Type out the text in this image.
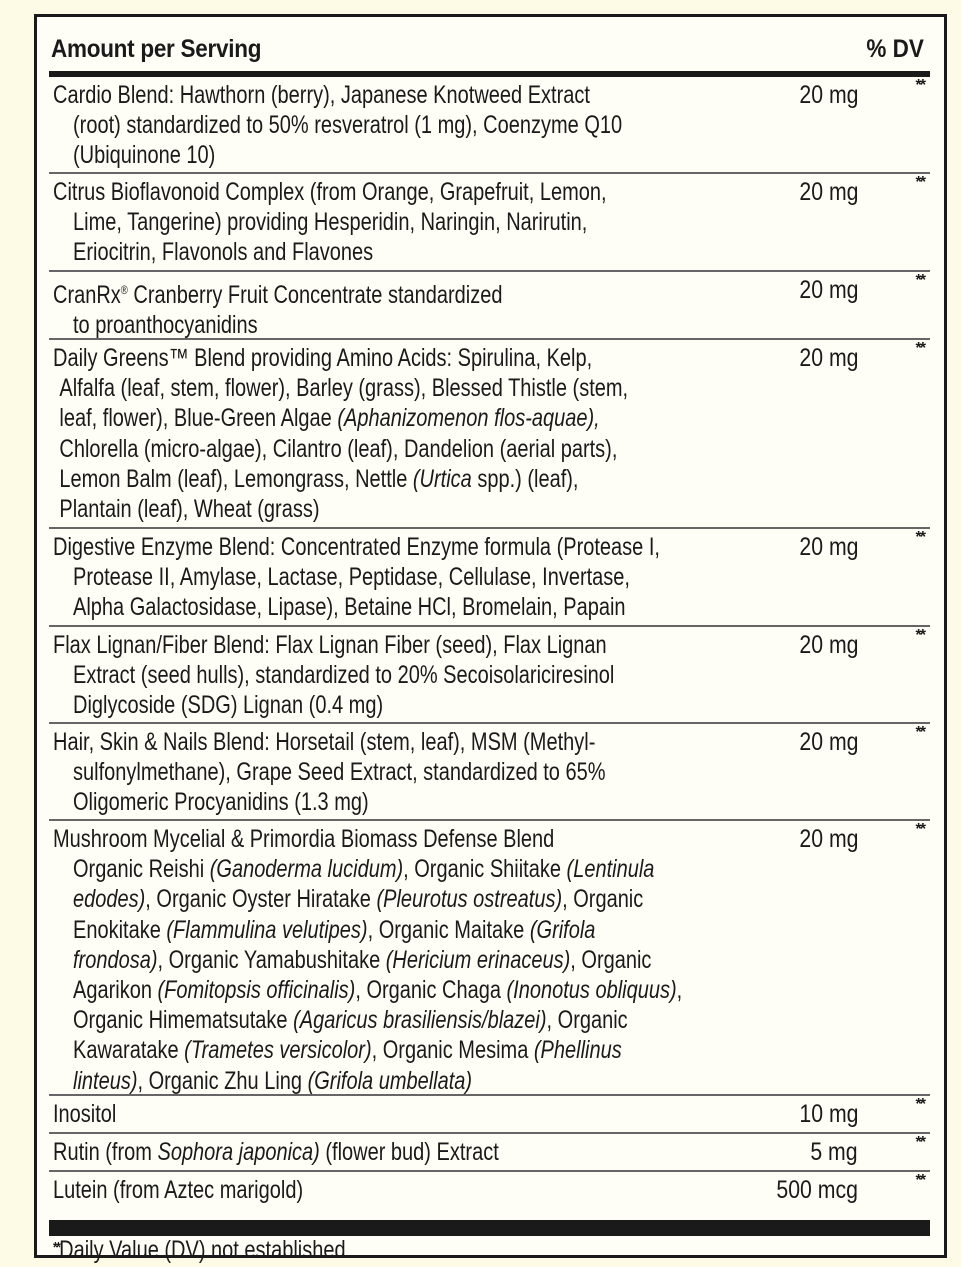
Amount per Serving	% DV
Cardio Blend: Hawthorn (berry), Japanese Knotweed Extract
(root) standardized to 50% resveratrol (1 mg), Coenzyme Q10
(Ubiquinone 10)
20 mg	**
Citrus Bioflavonoid Complex (from Orange, Grapefruit, Lemon,
Lime, Tangerine) providing Hesperidin, Naringin, Narirutin,
Eriocitrin, Flavonols and Flavones
20 mg	**
CranRx® Cranberry Fruit Concentrate standardized
to proanthocyanidins
20 mg	**
Daily Greens™ Blend providing Amino Acids: Spirulina, Kelp,
Alfalfa (leaf, stem, flower), Barley (grass), Blessed Thistle (stem,
leaf, flower), Blue-Green Algae (Aphanizomenon flos-aquae),
Chlorella (micro-algae), Cilantro (leaf), Dandelion (aerial parts),
Lemon Balm (leaf), Lemongrass, Nettle (Urtica spp.) (leaf),
Plantain (leaf), Wheat (grass)
20 mg	**
Digestive Enzyme Blend: Concentrated Enzyme formula (Protease I,
Protease II, Amylase, Lactase, Peptidase, Cellulase, Invertase,
Alpha Galactosidase, Lipase), Betaine HCl, Bromelain, Papain
20 mg	**
Flax Lignan/Fiber Blend: Flax Lignan Fiber (seed), Flax Lignan
Extract (seed hulls), standardized to 20% Secoisolariciresinol
Diglycoside (SDG) Lignan (0.4 mg)
20 mg	**
Hair, Skin & Nails Blend: Horsetail (stem, leaf), MSM (Methyl-
sulfonylmethane), Grape Seed Extract, standardized to 65%
Oligomeric Procyanidins (1.3 mg)
20 mg	**
Mushroom Mycelial & Primordia Biomass Defense Blend
Organic Reishi (Ganoderma lucidum), Organic Shiitake (Lentinula
edodes), Organic Oyster Hiratake (Pleurotus ostreatus), Organic
Enokitake (Flammulina velutipes), Organic Maitake (Grifola
frondosa), Organic Yamabushitake (Hericium erinaceus), Organic
Agarikon (Fomitopsis officinalis), Organic Chaga (Inonotus obliquus),
Organic Himematsutake (Agaricus brasiliensis/blazei), Organic
Kawaratake (Trametes versicolor), Organic Mesima (Phellinus
linteus), Organic Zhu Ling (Grifola umbellata)
20 mg	**
Inositol	10 mg	**
Rutin (from Sophora japonica) (flower bud) Extract	5 mg	**
Lutein (from Aztec marigold)	500 mcg	**
**Daily Value (DV) not established.
